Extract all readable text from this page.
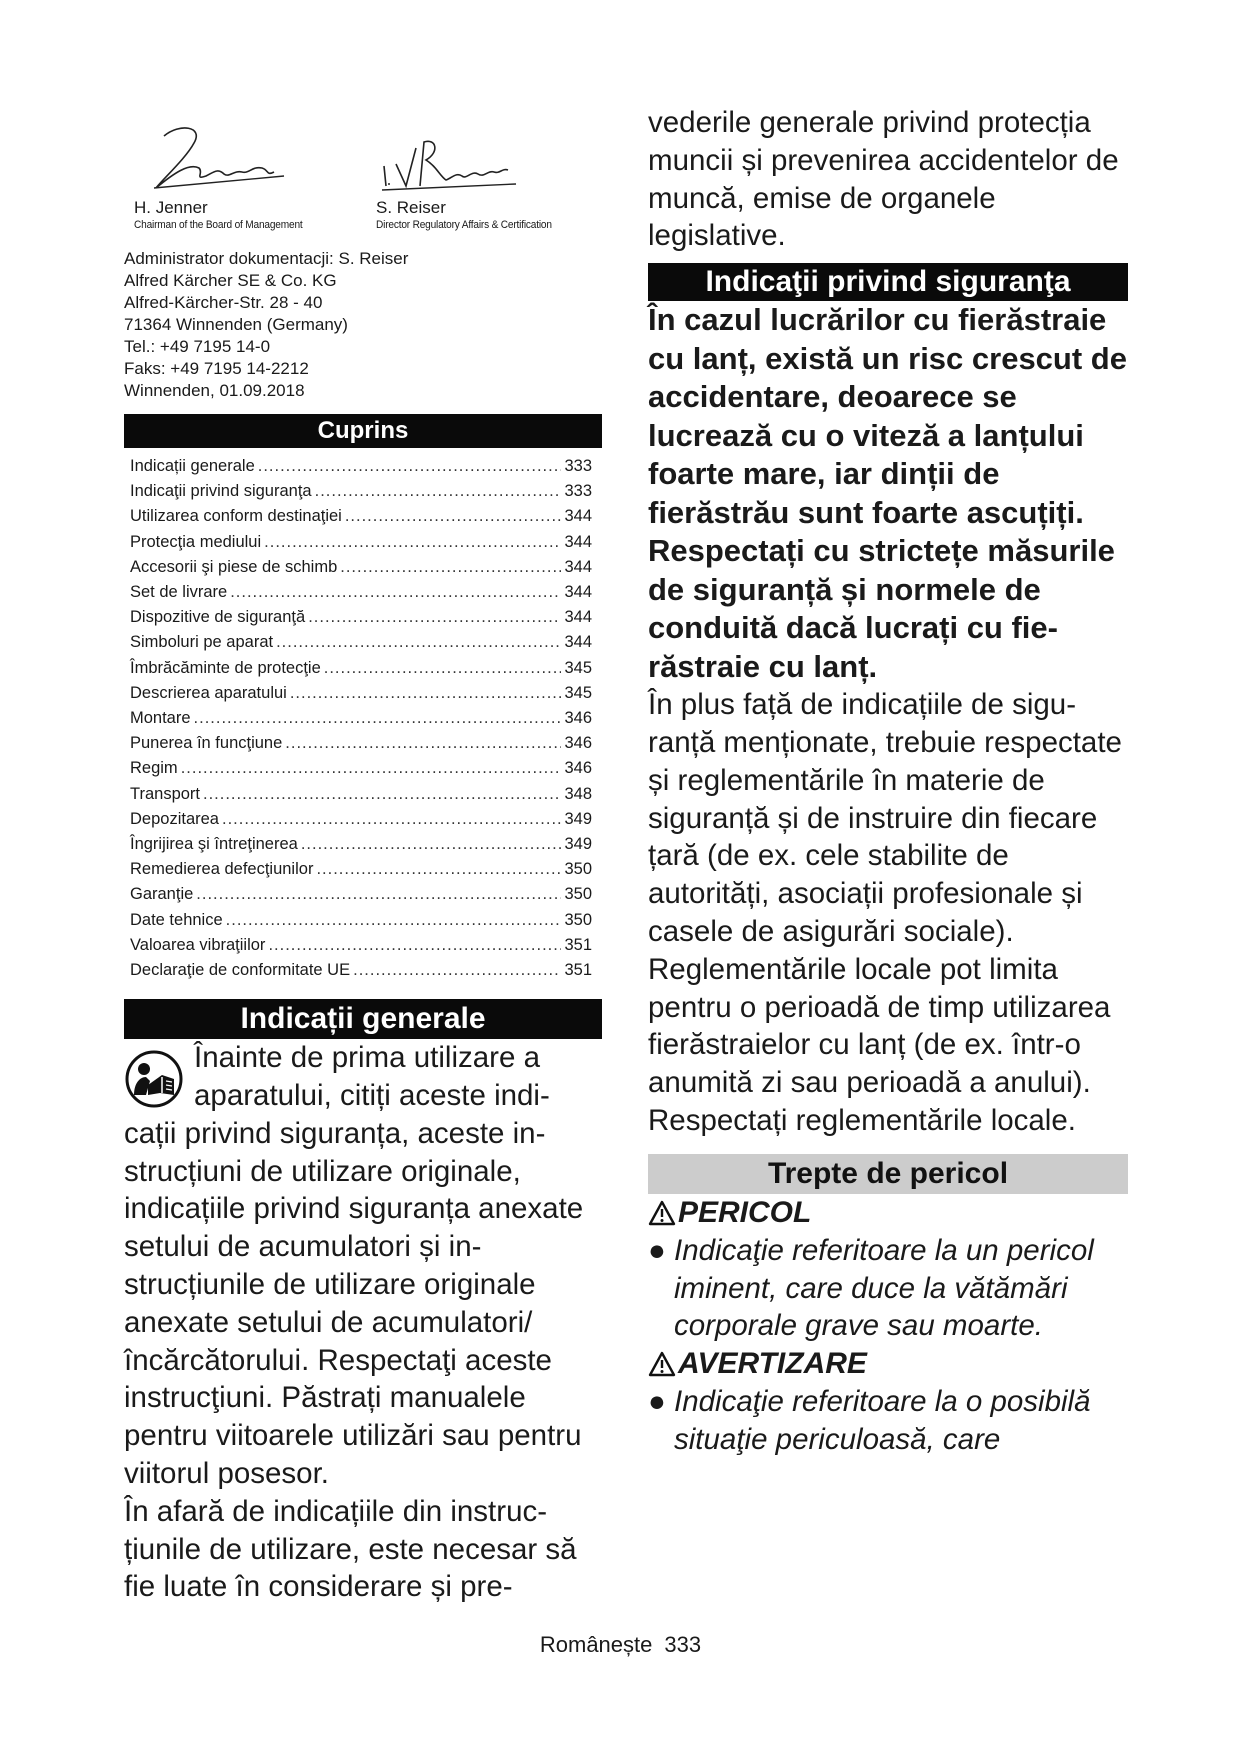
H. Jenner
Chairman of the Board of Management
S. Reiser
Director Regulatory Affairs & Certification
Administrator dokumentacji: S. Reiser
Alfred Kärcher SE & Co. KG
Alfred-Kärcher-Str. 28 - 40
71364 Winnenden (Germany)
Tel.: +49 7195 14-0
Faks: +49 7195 14-2212
Winnenden, 01.09.2018
Cuprins
Indicații generale .....	333
Indicaţii privind siguranţa .....	333
Utilizarea conform destinaţiei .....	344
Protecţia mediului .....	344
Accesorii şi piese de schimb .....	344
Set de livrare .....	344
Dispozitive de siguranţă .....	344
Simboluri pe aparat .....	344
Îmbrăcăminte de protecţie .....	345
Descrierea aparatului .....	345
Montare .....	346
Punerea în funcţiune .....	346
Regim .....	346
Transport .....	348
Depozitarea .....	349
Îngrijirea şi întreţinerea .....	349
Remedierea defecţiunilor .....	350
Garanţie .....	350
Date tehnice .....	350
Valoarea vibraţiilor .....	351
Declaraţie de conformitate UE .....	351
Indicații generale

Înainte de prima utilizare a aparatului, citiți aceste indi-

cații privind siguranța, aceste instrucțiuni de utilizare originale, indicațiile privind siguranța anexate setului de acumulatori și instrucțiunile de utilizare originale anexate setului de acumulatori/ încărcătorului. Respectaţi aceste instrucţiuni. Păstrați manualele pentru viitoarele utilizări sau pentru viitorul posesor.

În afară de indicațiile din instrucțiunile de utilizare, este necesar să fie luate în considerare și pre

vederile generale privind protecția muncii și prevenirea accidentelor de muncă, emise de organele legislative.

Indicaţii privind siguranţa

În cazul lucrărilor cu fierăstraie cu lanț, există un risc crescut de accidentare, deoarece se lucrează cu o viteză a lanțului foarte mare, iar dinții de fierăstrău sunt foarte ascuțiți. Respectați cu strictețe măsurile de siguranță și normele de conduită dacă lucrați cu fierăstraie cu lanț.

În plus față de indicațiile de siguranță menționate, trebuie respectate și reglementările în materie de siguranță și de instruire din fiecare țară (de ex. cele stabilite de autorități, asociații profesionale și casele de asigurări sociale). Reglementările locale pot limita pentru o perioadă de timp utilizarea fierăstraielor cu lanț (de ex. într-o anumită zi sau perioadă a anului). Respectați reglementările locale.

Trepte de pericol
PERICOL
● Indicaţie referitoare la un pericol iminent, care duce la vătămări corporale grave sau moarte.
AVERTIZARE
● Indicaţie referitoare la o posibilă situaţie periculoasă, care
Românește 333
